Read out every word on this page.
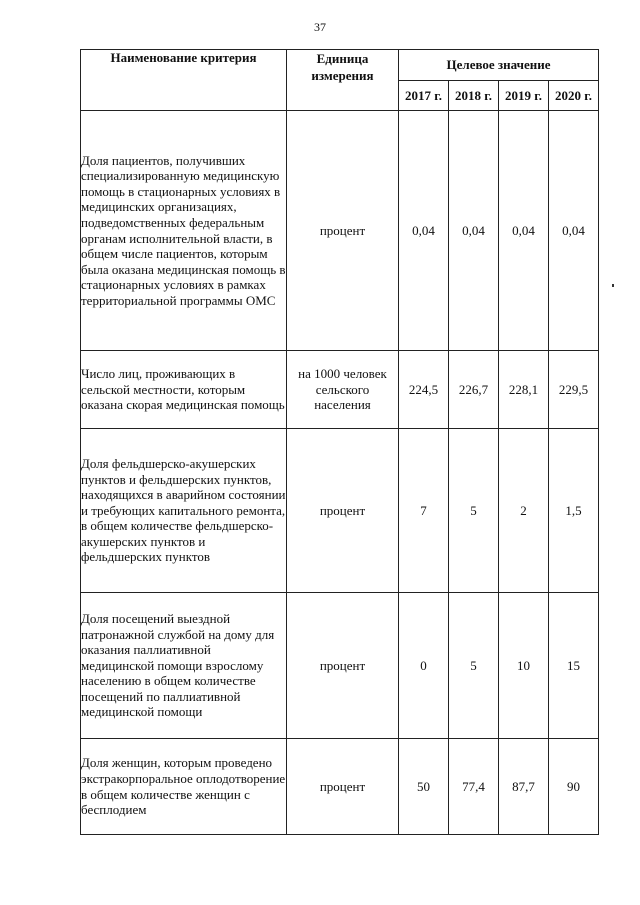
37
Наименование критерия	Единица измерения	Целевое значение			
		2017 г.	2018 г.	2019 г.	2020 г.
Доля пациентов, получивших специализированную медицинскую помощь в стационарных условиях в медицинских организациях, подведомственных федеральным органам исполнительной власти, в общем числе пациентов, которым была оказана медицинская помощь в стационарных условиях в рамках территориальной программы ОМС	процент	0,04	0,04	0,04	0,04
Число лиц, проживающих в сельской местности, которым оказана скорая медицинская помощь	на 1000 человек сельского населения	224,5	226,7	228,1	229,5
Доля фельдшерско-акушерских пунктов и фельдшерских пунктов, находящихся в аварийном состоянии и требующих капитального ремонта, в общем количестве фельдшерско-акушерских пунктов и фельдшерских пунктов	процент	7	5	2	1,5
Доля посещений выездной патронажной службой на дому для оказания паллиативной медицинской помощи взрослому населению в общем количестве посещений по паллиативной медицинской помощи	процент	0	5	10	15
Доля женщин, которым проведено экстракорпоральное оплодотворение в общем количестве женщин с бесплодием	процент	50	77,4	87,7	90
